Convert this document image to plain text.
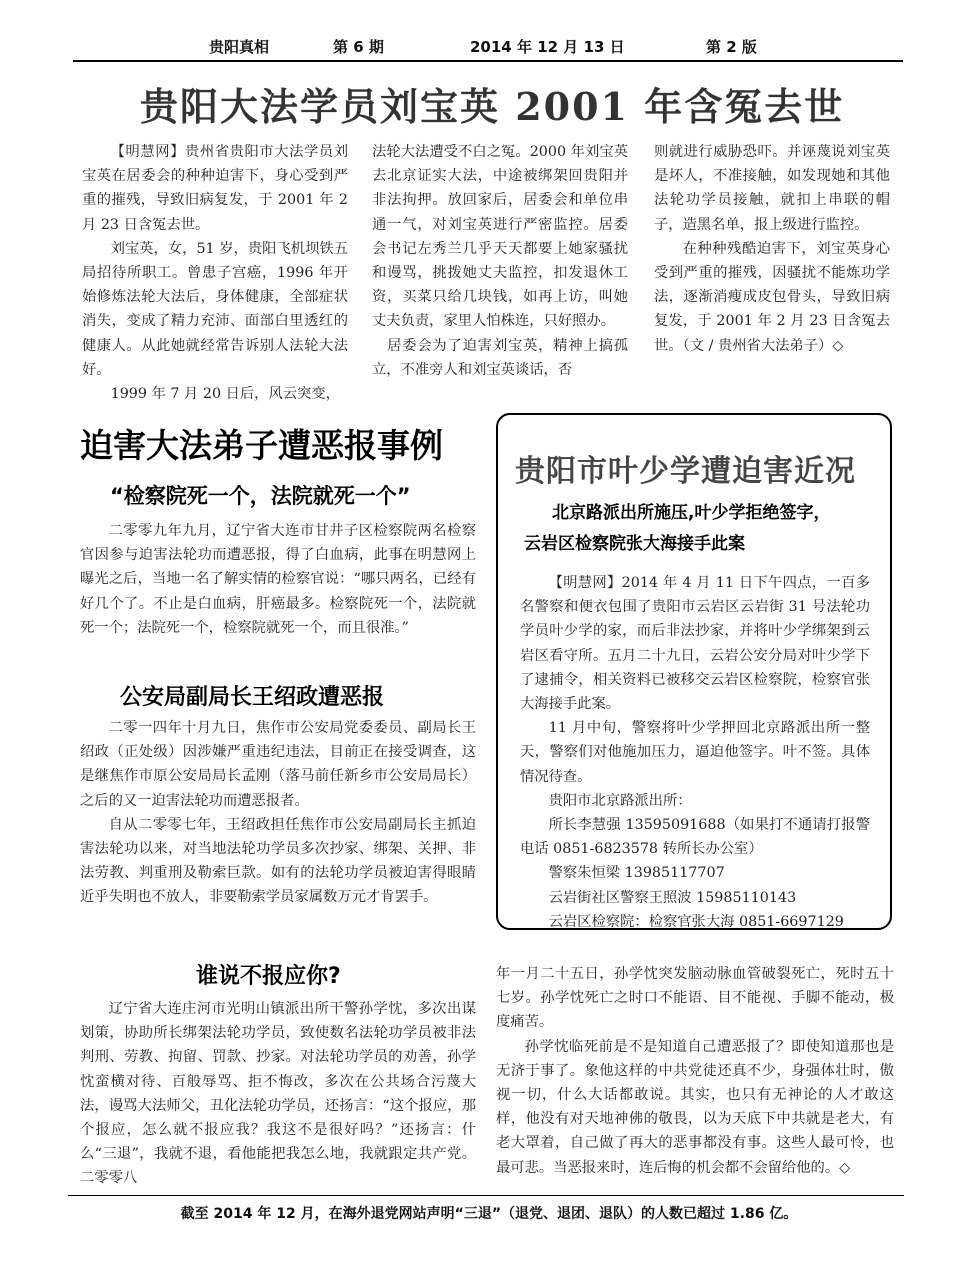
贵阳真相	第 6 期	2014 年 12 月 13 日	第 2 版
贵阳大法学员刘宝英 2001 年含冤去世

【明慧网】贵州省贵阳市大法学员刘宝英在居委会的种种迫害下，身心受到严重的摧残，导致旧病复发，于 2001 年 2 月 23 日含冤去世。

刘宝英，女，51 岁，贵阳飞机坝铁五局招待所职工。曾患子宫癌，1996 年开始修炼法轮大法后，身体健康，全部症状消失，变成了精力充沛、面部白里透红的健康人。从此她就经常告诉别人法轮大法好。

1999 年 7 月 20 日后，风云突变，

法轮大法遭受不白之冤。2000 年刘宝英去北京证实大法，中途被绑架回贵阳并非法拘押。放回家后，居委会和单位串通一气，对刘宝英进行严密监控。居委会书记左秀兰几乎天天都要上她家骚扰和谩骂，挑拨她丈夫监控，扣发退休工资，买菜只给几块钱，如再上访，叫她丈夫负责，家里人怕株连，只好照办。

　居委会为了迫害刘宝英，精神上搞孤立，不准旁人和刘宝英谈话，否

则就进行威胁恐吓。并诬蔑说刘宝英是坏人，不准接触，如发现她和其他法轮功学员接触，就扣上串联的帽子，造黑名单，报上级进行监控。

在种种残酷迫害下，刘宝英身心受到严重的摧残，因骚扰不能炼功学法，逐渐消瘦成皮包骨头，导致旧病复发，于 2001 年 2 月 23 日含冤去世。（文 / 贵州省大法弟子）◇

迫害大法弟子遭恶报事例
“检察院死一个，法院就死一个”

二零零九年九月，辽宁省大连市甘井子区检察院两名检察官因参与迫害法轮功而遭恶报，得了白血病，此事在明慧网上曝光之后，当地一名了解实情的检察官说：“哪只两名，已经有好几个了。不止是白血病，肝癌最多。检察院死一个，法院就死一个；法院死一个，检察院就死一个，而且很准。”

公安局副局长王绍政遭恶报

二零一四年十月九日，焦作市公安局党委委员、副局长王绍政（正处级）因涉嫌严重违纪违法，目前正在接受调查，这是继焦作市原公安局局长孟刚（落马前任新乡市公安局局长）之后的又一迫害法轮功而遭恶报者。

自从二零零七年，王绍政担任焦作市公安局副局长主抓迫害法轮功以来，对当地法轮功学员多次抄家、绑架、关押、非法劳教、判重刑及勒索巨款。如有的法轮功学员被迫害得眼睛近乎失明也不放人，非要勒索学员家属数万元才肯罢手。

谁说不报应你?

辽宁省大连庄河市光明山镇派出所干警孙学忱，多次出谋划策，协助所长绑架法轮功学员，致使数名法轮功学员被非法判刑、劳教、拘留、罚款、抄家。对法轮功学员的劝善，孙学忱蛮横对待、百般辱骂、拒不悔改，多次在公共场合污蔑大法，谩骂大法师父，丑化法轮功学员，还扬言：“这个报应，那个报应，怎么就不报应我？我这不是很好吗？”还扬言：什么“三退”，我就不退，看他能把我怎么地，我就跟定共产党。二零零八

年一月二十五日，孙学忱突发脑动脉血管破裂死亡，死时五十七岁。孙学忱死亡之时口不能语、目不能视、手脚不能动，极度痛苦。

孙学忱临死前是不是知道自己遭恶报了？即使知道那也是无济于事了。象他这样的中共党徒还真不少，身强体壮时，傲视一切，什么大话都敢说。其实，也只有无神论的人才敢这样，他没有对天地神佛的敬畏，以为天底下中共就是老大，有老大罩着，自己做了再大的恶事都没有事。这些人最可怜，也最可悲。当恶报来时，连后悔的机会都不会留给他的。◇

贵阳市叶少学遭迫害近况
北京路派出所施压,叶少学拒绝签字，
云岩区检察院张大海接手此案

【明慧网】2014 年 4 月 11 日下午四点，一百多名警察和便衣包围了贵阳市云岩区云岩街 31 号法轮功学员叶少学的家，而后非法抄家，并将叶少学绑架到云岩区看守所。五月二十九日，云岩公安分局对叶少学下了逮捕令，相关资料已被移交云岩区检察院，检察官张大海接手此案。

11 月中旬，警察将叶少学押回北京路派出所一整天，警察们对他施加压力，逼迫他签字。叶不签。具体情况待查。

贵阳市北京路派出所：

所长李慧强 13595091688（如果打不通请打报警电话 0851-6823578 转所长办公室）

警察朱恒梁 13985117707

云岩街社区警察王照波 15985110143

云岩区检察院：检察官张大海 0851-6697129

截至 2014 年 12 月，在海外退党网站声明“三退”（退党、退团、退队）的人数已超过 1.86 亿。
